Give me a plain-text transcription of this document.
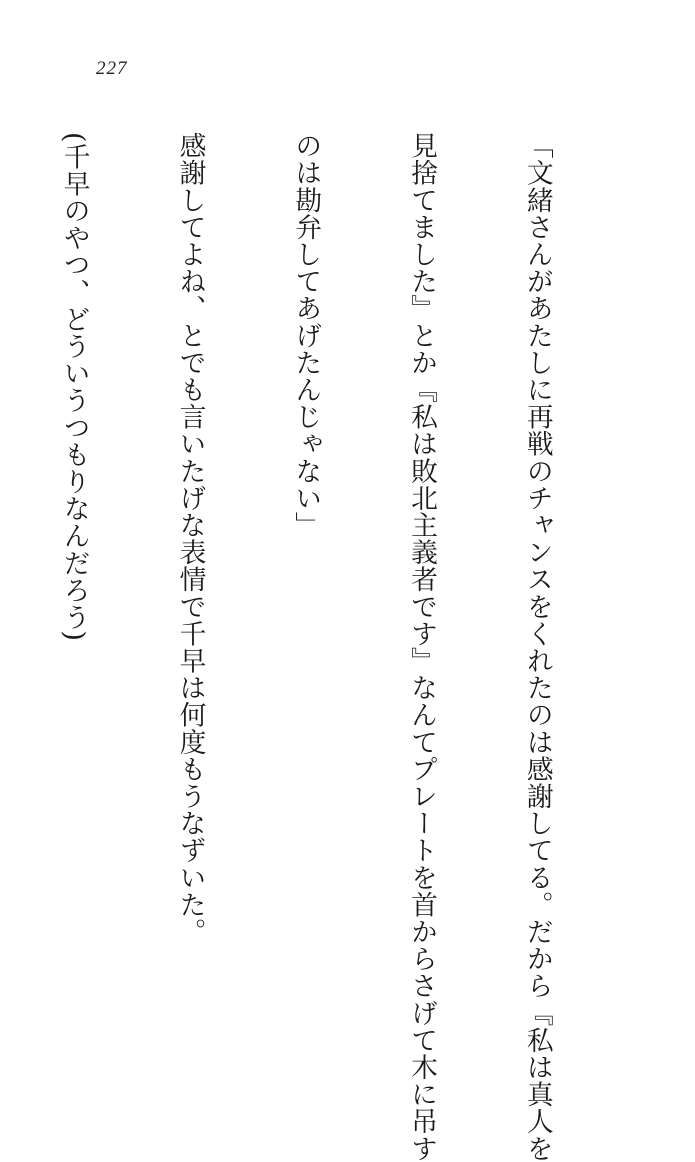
227

「文緒さんがあたしに再戦のチャンスをくれたのは感謝してる。だから『私は真人を

見捨てました』とか『私は敗北主義者です』なんてプレートを首からさげて木に吊す

のは勘弁してあげたんじゃない」

感謝してよね、とでも言いたげな表情で千早は何度もうなずいた。

(千早のやつ、どういうつもりなんだろう)
